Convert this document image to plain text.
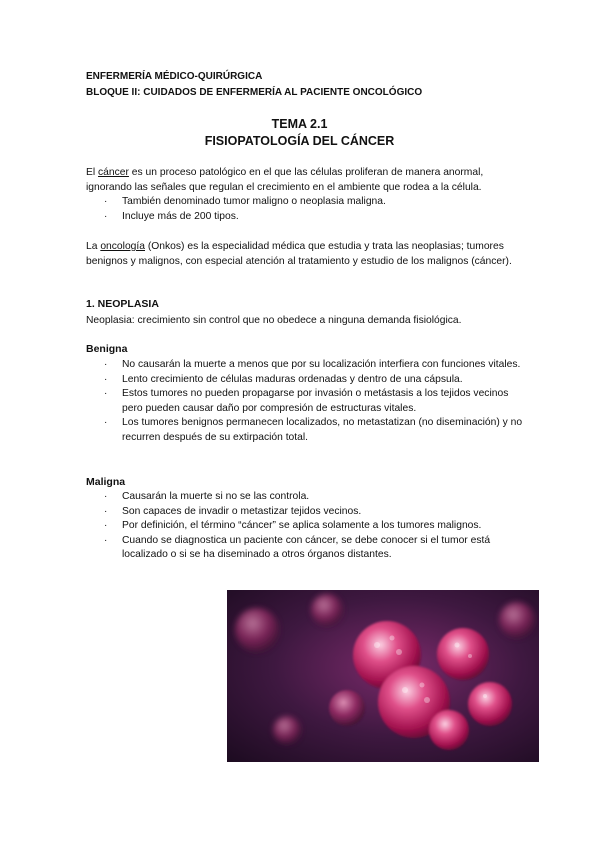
ENFERMERÍA MÉDICO-QUIRÚRGICA
BLOQUE II: CUIDADOS DE ENFERMERÍA AL PACIENTE ONCOLÓGICO
TEMA 2.1
FISIOPATOLOGÍA DEL CÁNCER
El cáncer es un proceso patológico en el que las células proliferan de manera anormal, ignorando las señales que regulan el crecimiento en el ambiente que rodea a la célula.
· También denominado tumor maligno o neoplasia maligna.
· Incluye más de 200 tipos.
La oncología (Onkos) es la especialidad médica que estudia y trata las neoplasias; tumores benignos y malignos, con especial atención al tratamiento y estudio de los malignos (cáncer).
1. NEOPLASIA
Neoplasia: crecimiento sin control que no obedece a ninguna demanda fisiológica.
Benigna
· No causarán la muerte a menos que por su localización interfiera con funciones vitales.
· Lento crecimiento de células maduras ordenadas y dentro de una cápsula.
· Estos tumores no pueden propagarse por invasión o metástasis a los tejidos vecinos pero pueden causar daño por compresión de estructuras vitales.
· Los tumores benignos permanecen localizados, no metastatizan (no diseminación) y no recurren después de su extirpación total.
Maligna
· Causarán la muerte si no se las controla.
· Son capaces de invadir o metastizar tejidos vecinos.
· Por definición, el término “cáncer” se aplica solamente a los tumores malignos.
· Cuando se diagnostica un paciente con cáncer, se debe conocer si el tumor está localizado o si se ha diseminado a otros órganos distantes.
